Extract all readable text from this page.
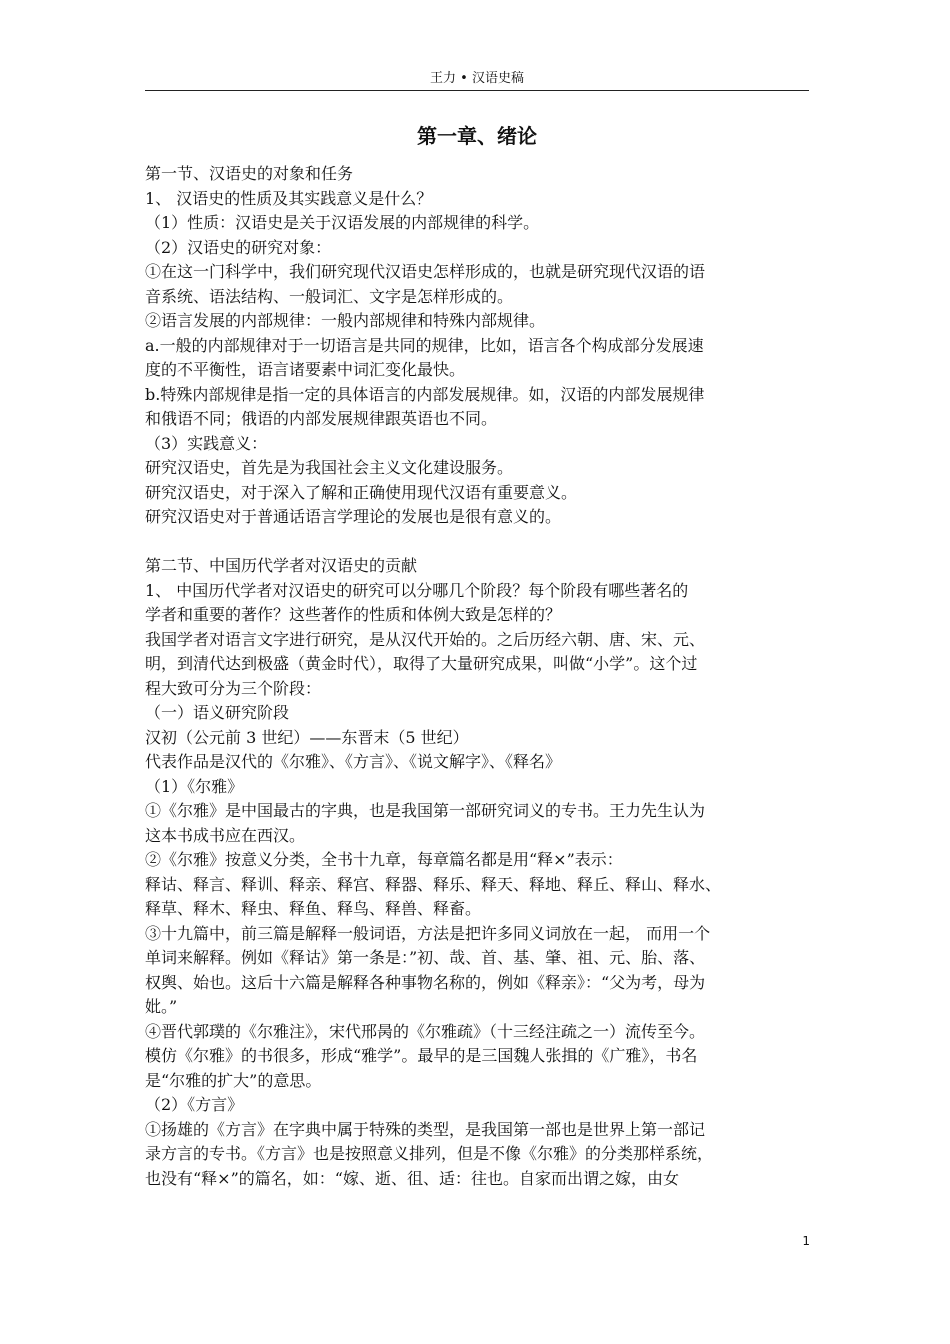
王力 • 汉语史稿
第一章、绪论
第一节、汉语史的对象和任务
1、 汉语史的性质及其实践意义是什么？
（1）性质：汉语史是关于汉语发展的内部规律的科学。
（2）汉语史的研究对象：
①在这一门科学中，我们研究现代汉语史怎样形成的，也就是研究现代汉语的语
音系统、语法结构、一般词汇、文字是怎样形成的。
②语言发展的内部规律：一般内部规律和特殊内部规律。
a.一般的内部规律对于一切语言是共同的规律，比如，语言各个构成部分发展速
度的不平衡性，语言诸要素中词汇变化最快。
b.特殊内部规律是指一定的具体语言的内部发展规律。如，汉语的内部发展规律
和俄语不同；俄语的内部发展规律跟英语也不同。
（3）实践意义：
研究汉语史，首先是为我国社会主义文化建设服务。
研究汉语史，对于深入了解和正确使用现代汉语有重要意义。
研究汉语史对于普通话语言学理论的发展也是很有意义的。
第二节、中国历代学者对汉语史的贡献
1、 中国历代学者对汉语史的研究可以分哪几个阶段？每个阶段有哪些著名的
学者和重要的著作？这些著作的性质和体例大致是怎样的？
我国学者对语言文字进行研究，是从汉代开始的。之后历经六朝、唐、宋、元、
明，到清代达到极盛（黄金时代），取得了大量研究成果，叫做“小学”。这个过
程大致可分为三个阶段：
（一）语义研究阶段
汉初（公元前 3 世纪）——东晋末（5 世纪）
代表作品是汉代的《尔雅》、《方言》、《说文解字》、《释名》
（1）《尔雅》
①《尔雅》是中国最古的字典，也是我国第一部研究词义的专书。王力先生认为
这本书成书应在西汉。
②《尔雅》按意义分类，全书十九章，每章篇名都是用“释×”表示：
释诂、释言、释训、释亲、释宫、释器、释乐、释天、释地、释丘、释山、释水、
释草、释木、释虫、释鱼、释鸟、释兽、释畜。
③十九篇中，前三篇是解释一般词语，方法是把许多同义词放在一起， 而用一个
单词来解释。例如《释诂》第一条是：”初、哉、首、基、肇、祖、元、胎、落、
权舆、始也。这后十六篇是解释各种事物名称的，例如《释亲》：“父为考，母为
妣。”
④晋代郭璞的《尔雅注》，宋代邢昺的《尔雅疏》（十三经注疏之一）流传至今。
模仿《尔雅》的书很多，形成“雅学”。最早的是三国魏人张揖的《广雅》，书名
是“尔雅的扩大”的意思。
（2）《方言》
①扬雄的《方言》在字典中属于特殊的类型，是我国第一部也是世界上第一部记
录方言的专书。《方言》也是按照意义排列，但是不像《尔雅》的分类那样系统，
也没有“释×”的篇名，如：“嫁、逝、徂、适：往也。自家而出谓之嫁，由女
1
